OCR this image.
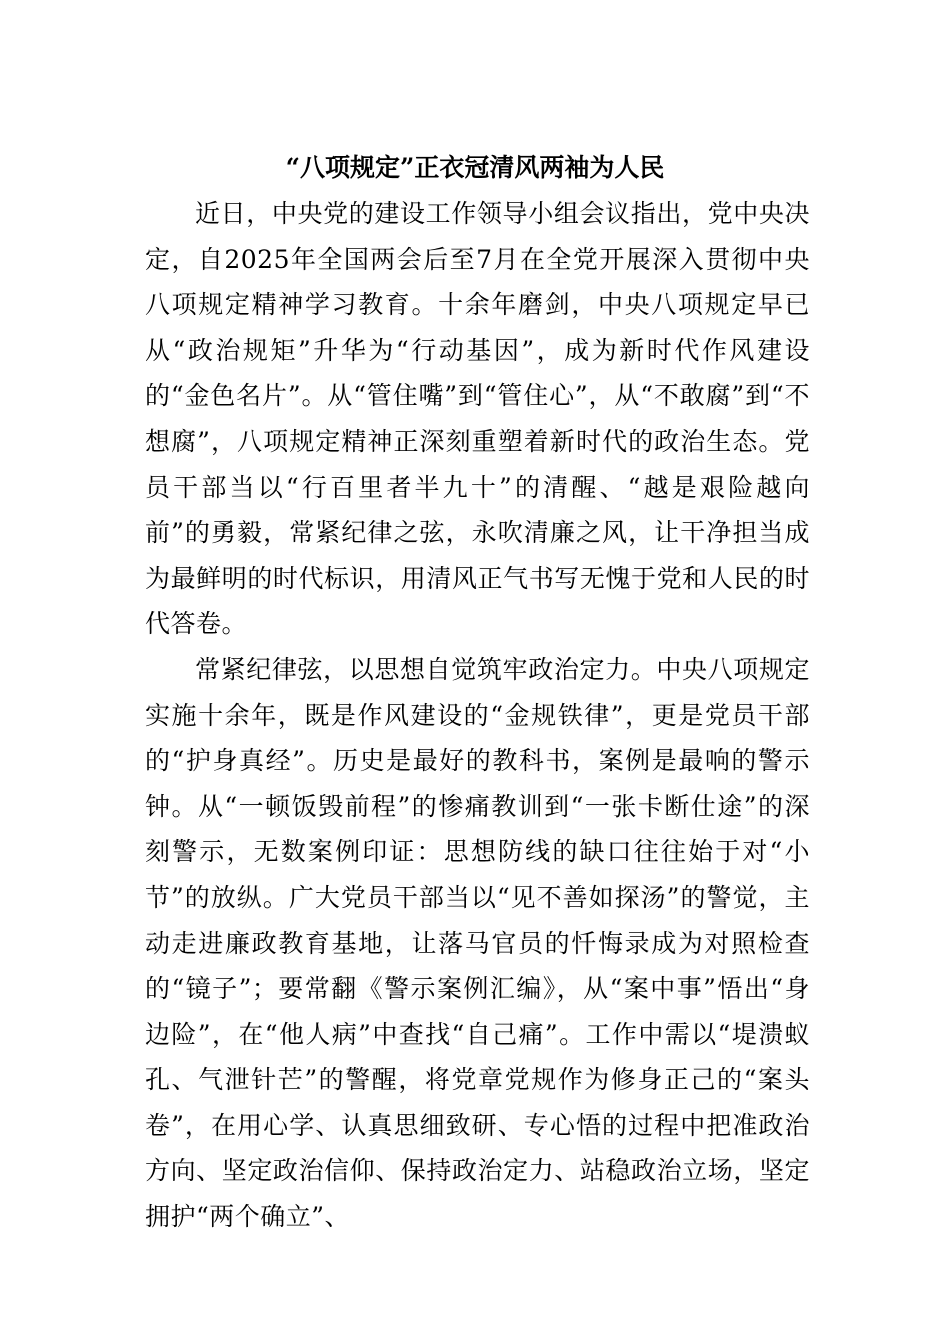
“八项规定”正衣冠清风两袖为人民

近日，中央党的建设工作领导小组会议指出，党中央决定，自2025年全国两会后至7月在全党开展深入贯彻中央八项规定精神学习教育。十余年磨剑，中央八项规定早已从“政治规矩”升华为“行动基因”，成为新时代作风建设的“金色名片”。从“管住嘴”到“管住心”，从“不敢腐”到“不想腐”，八项规定精神正深刻重塑着新时代的政治生态。党员干部当以“行百里者半九十”的清醒、“越是艰险越向前”的勇毅，常紧纪律之弦，永吹清廉之风，让干净担当成为最鲜明的时代标识，用清风正气书写无愧于党和人民的时代答卷。

常紧纪律弦，以思想自觉筑牢政治定力。中央八项规定实施十余年，既是作风建设的“金规铁律”，更是党员干部的“护身真经”。历史是最好的教科书，案例是最响的警示钟。从“一顿饭毁前程”的惨痛教训到“一张卡断仕途”的深刻警示，无数案例印证：思想防线的缺口往往始于对“小节”的放纵。广大党员干部当以“见不善如探汤”的警觉，主动走进廉政教育基地，让落马官员的忏悔录成为对照检查的“镜子”；要常翻《警示案例汇编》，从“案中事”悟出“身边险”，在“他人病”中查找“自己痛”。工作中需以“堤溃蚁孔、气泄针芒”的警醒，将党章党规作为修身正己的“案头卷”，在用心学、认真思细致研、专心悟的过程中把准政治方向、坚定政治信仰、保持政治定力、站稳政治立场，坚定拥护“两个确立”、
